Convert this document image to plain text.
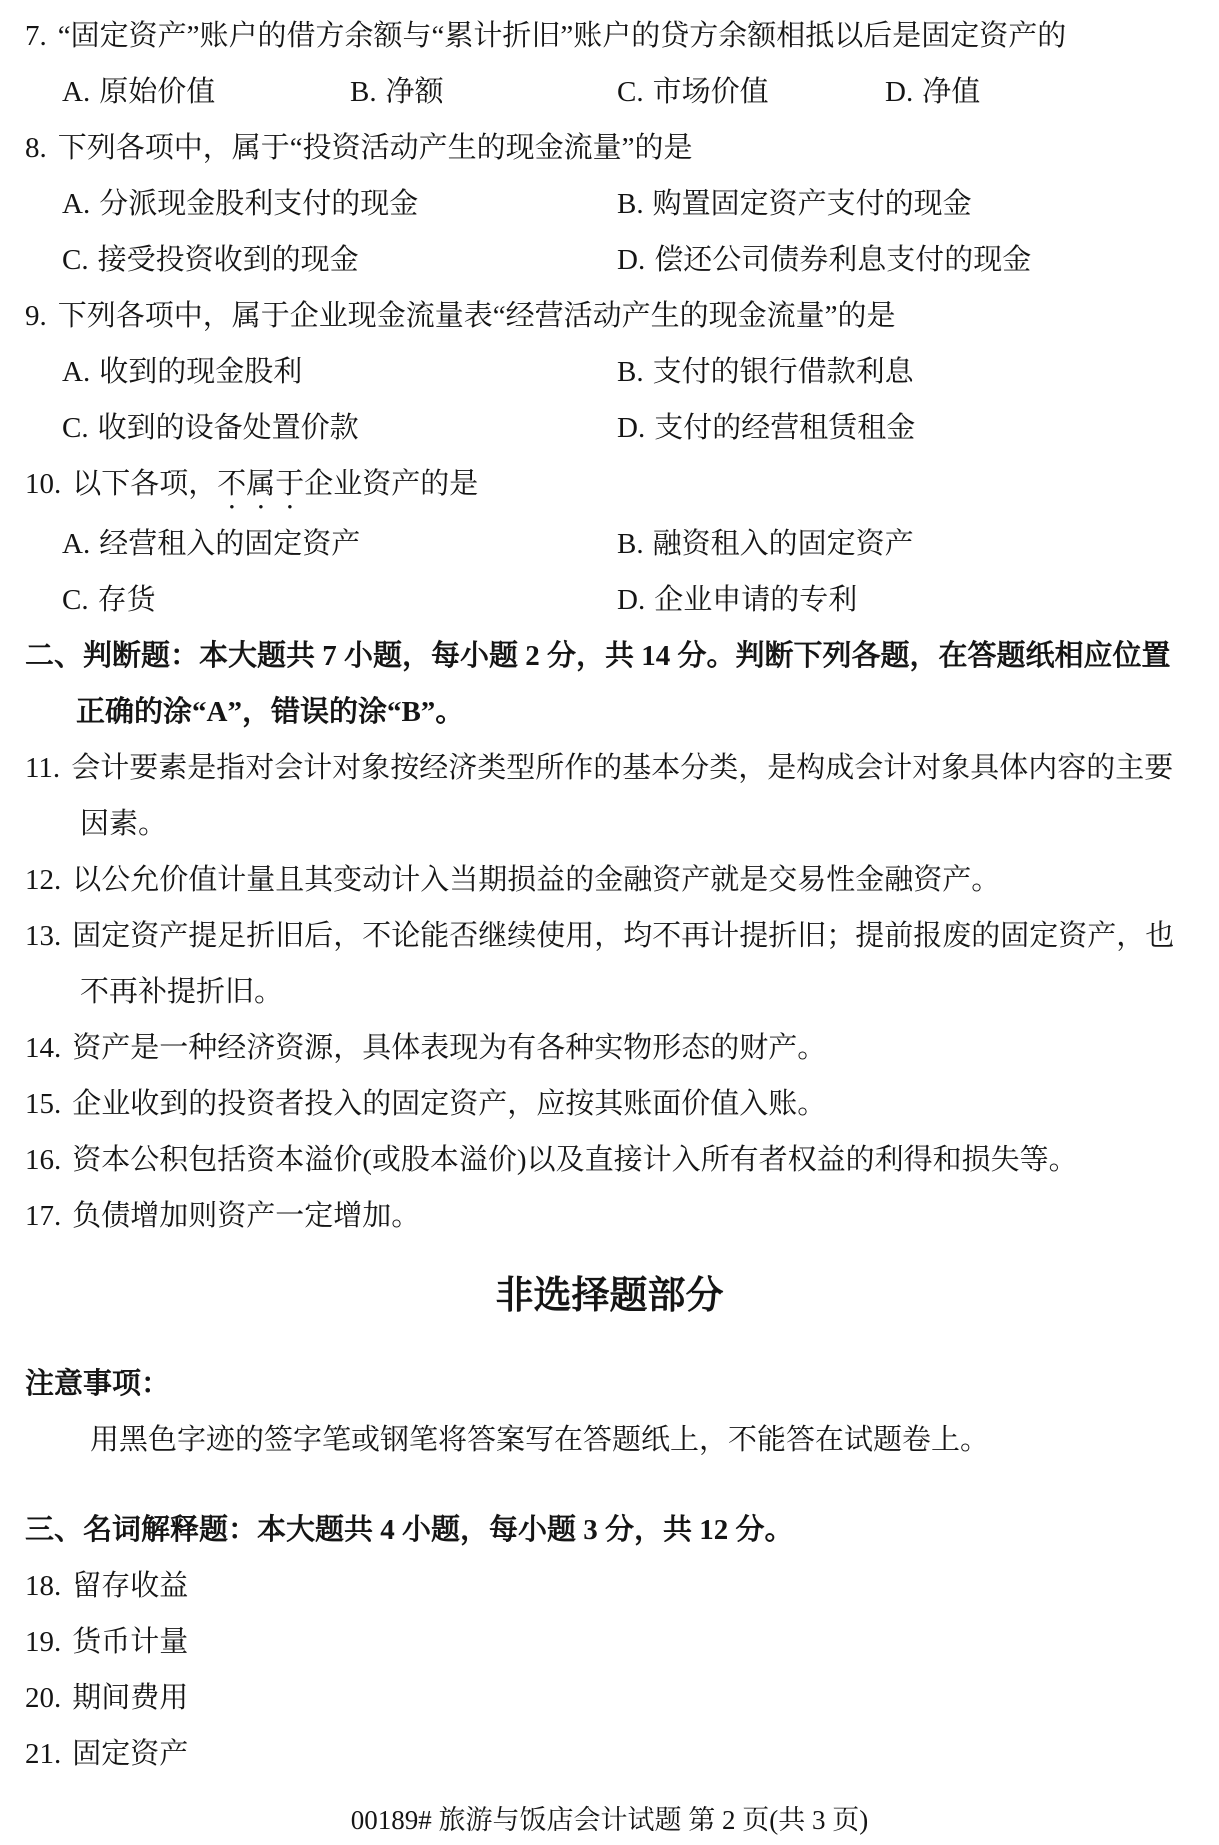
7. “固定资产”账户的借方余额与“累计折旧”账户的贷方余额相抵以后是固定资产的
A. 原始价值	B. 净额	C. 市场价值	D. 净值
8. 下列各项中，属于“投资活动产生的现金流量”的是
A. 分派现金股利支付的现金	B. 购置固定资产支付的现金
C. 接受投资收到的现金	D. 偿还公司债券利息支付的现金
9. 下列各项中，属于企业现金流量表“经营活动产生的现金流量”的是
A. 收到的现金股利	B. 支付的银行借款利息
C. 收到的设备处置价款	D. 支付的经营租赁租金
10. 以下各项，不属于企业资产的是
A. 经营租入的固定资产	B. 融资租入的固定资产
C. 存货	D. 企业申请的专利
二、判断题：本大题共 7 小题，每小题 2 分，共 14 分。判断下列各题，在答题纸相应位置正确的涂“A”，错误的涂“B”。
11. 会计要素是指对会计对象按经济类型所作的基本分类，是构成会计对象具体内容的主要因素。
12. 以公允价值计量且其变动计入当期损益的金融资产就是交易性金融资产。
13. 固定资产提足折旧后，不论能否继续使用，均不再计提折旧；提前报废的固定资产，也不再补提折旧。
14. 资产是一种经济资源，具体表现为有各种实物形态的财产。
15. 企业收到的投资者投入的固定资产，应按其账面价值入账。
16. 资本公积包括资本溢价(或股本溢价)以及直接计入所有者权益的利得和损失等。
17. 负债增加则资产一定增加。
非选择题部分
注意事项：
用黑色字迹的签字笔或钢笔将答案写在答题纸上，不能答在试题卷上。
三、名词解释题：本大题共 4 小题，每小题 3 分，共 12 分。
18. 留存收益
19. 货币计量
20. 期间费用
21. 固定资产
00189# 旅游与饭店会计试题 第 2 页(共 3 页)
